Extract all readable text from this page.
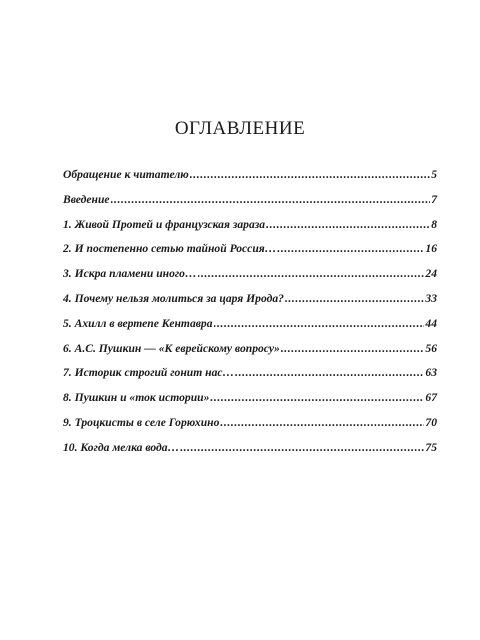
ОГЛАВЛЕНИЕ
Обращение к читателю .....	5
Введение .....	7
1. Живой Протей и французская зараза .....	8
2. И постепенно сетью тайной Россия… .....	16
3. Искра пламени иного… .....	24
4. Почему нельзя молиться за царя Ирода? .....	33
5. Ахилл в вертепе Кентавра .....	44
6. А.С. Пушкин — «К еврейскому вопросу» .....	56
7. Историк строгий гонит нас… .....	63
8. Пушкин и «ток истории» .....	67
9. Троцкисты в селе Горюхино .....	70
10. Когда мелка вода… .....	75
